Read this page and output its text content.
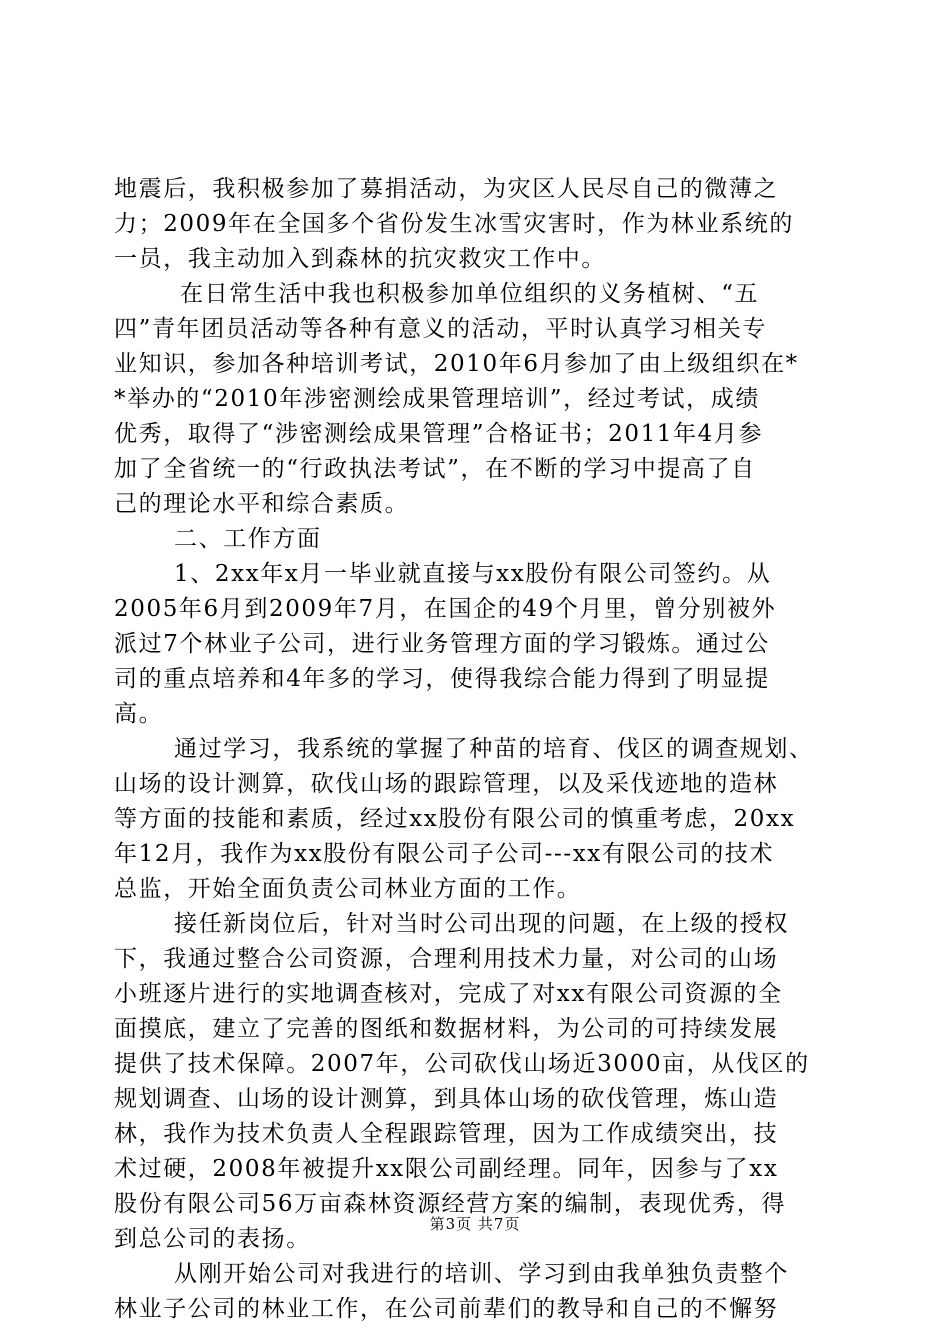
地震后，我积极参加了募捐活动，为灾区人民尽自己的微薄之
力；2009年在全国多个省份发生冰雪灾害时，作为林业系统的
一员，我主动加入到森林的抗灾救灾工作中。
在日常生活中我也积极参加单位组织的义务植树、“五
四”青年团员活动等各种有意义的活动，平时认真学习相关专
业知识，参加各种培训考试，2010年6月参加了由上级组织在*
*举办的“2010年涉密测绘成果管理培训”，经过考试，成绩
优秀，取得了“涉密测绘成果管理”合格证书；2011年4月参
加了全省统一的“行政执法考试”，在不断的学习中提高了自
己的理论水平和综合素质。
二、工作方面
1、2xx年x月一毕业就直接与xx股份有限公司签约。从
2005年6月到2009年7月，在国企的49个月里，曾分别被外
派过7个林业子公司，进行业务管理方面的学习锻炼。通过公
司的重点培养和4年多的学习，使得我综合能力得到了明显提
高。
通过学习，我系统的掌握了种苗的培育、伐区的调查规划、
山场的设计测算，砍伐山场的跟踪管理，以及采伐迹地的造林
等方面的技能和素质，经过xx股份有限公司的慎重考虑，20xx
年12月，我作为xx股份有限公司子公司---xx有限公司的技术
总监，开始全面负责公司林业方面的工作。
接任新岗位后，针对当时公司出现的问题，在上级的授权
下，我通过整合公司资源，合理利用技术力量，对公司的山场
小班逐片进行的实地调查核对，完成了对xx有限公司资源的全
面摸底，建立了完善的图纸和数据材料，为公司的可持续发展
提供了技术保障。2007年，公司砍伐山场近3000亩，从伐区的
规划调查、山场的设计测算，到具体山场的砍伐管理，炼山造
林，我作为技术负责人全程跟踪管理，因为工作成绩突出，技
术过硬，2008年被提升xx限公司副经理。同年，因参与了xx
股份有限公司56万亩森林资源经营方案的编制，表现优秀，得
到总公司的表扬。
从刚开始公司对我进行的培训、学习到由我单独负责整个
林业子公司的林业工作，在公司前辈们的教导和自己的不懈努
第3页 共7页
